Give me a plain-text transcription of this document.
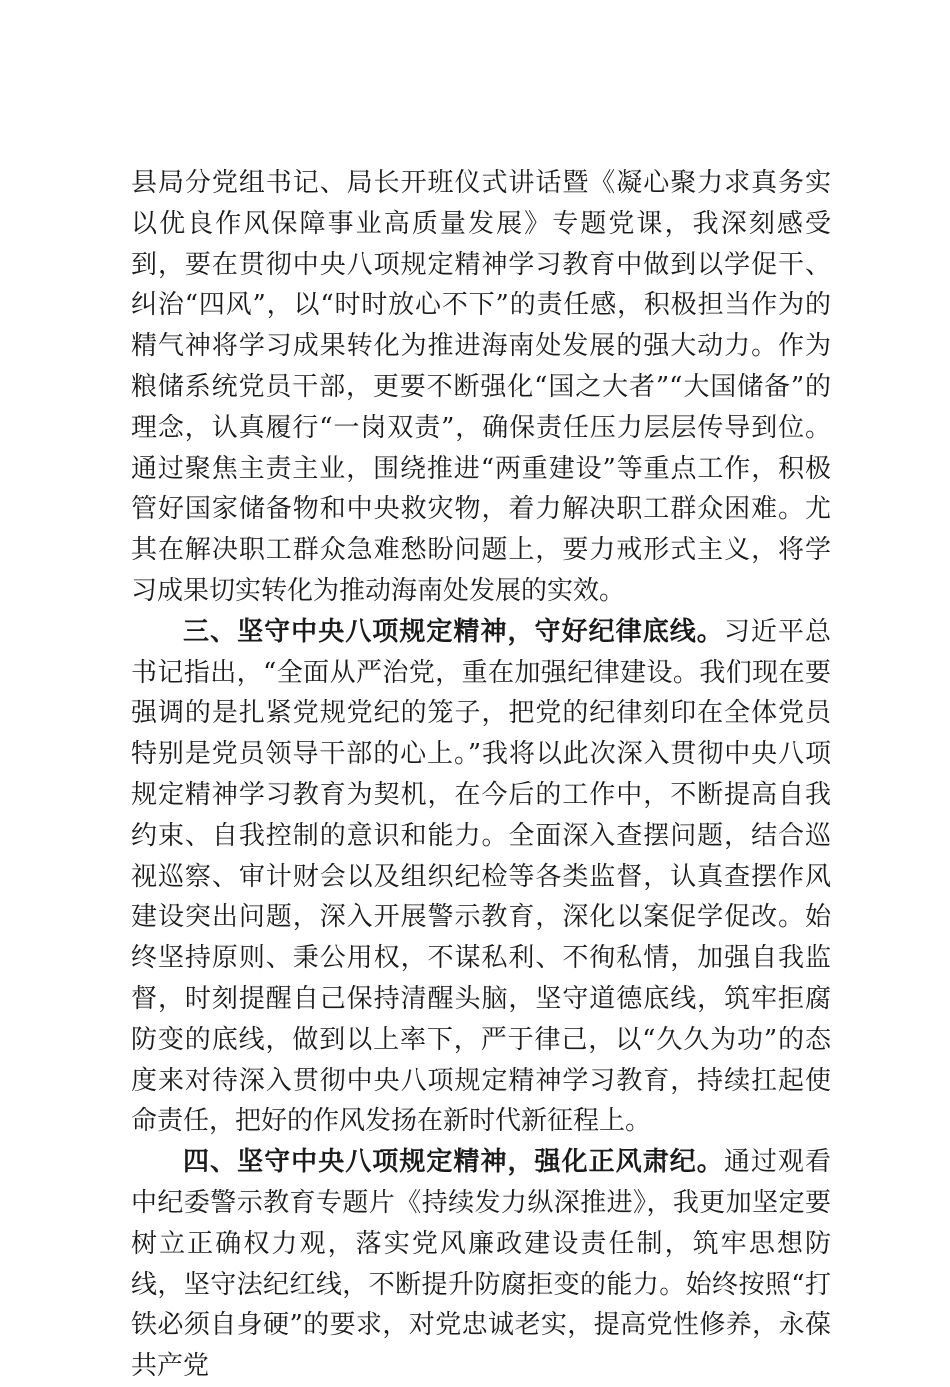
县局分党组书记、局长开班仪式讲话暨《凝心聚力求真务实以优良作风保障事业高质量发展》专题党课，我深刻感受到，要在贯彻中央八项规定精神学习教育中做到以学促干、纠治“四风”，以“时时放心不下”的责任感，积极担当作为的精气神将学习成果转化为推进海南处发展的强大动力。作为粮储系统党员干部，更要不断强化“国之大者”“大国储备”的理念，认真履行“一岗双责”，确保责任压力层层传导到位。通过聚焦主责主业，围绕推进“两重建设”等重点工作，积极管好国家储备物和中央救灾物，着力解决职工群众困难。尤其在解决职工群众急难愁盼问题上，要力戒形式主义，将学习成果切实转化为推动海南处发展的实效。

三、坚守中央八项规定精神，守好纪律底线。习近平总书记指出，“全面从严治党，重在加强纪律建设。我们现在要强调的是扎紧党规党纪的笼子，把党的纪律刻印在全体党员特别是党员领导干部的心上。”我将以此次深入贯彻中央八项规定精神学习教育为契机，在今后的工作中，不断提高自我约束、自我控制的意识和能力。全面深入查摆问题，结合巡视巡察、审计财会以及组织纪检等各类监督，认真查摆作风建设突出问题，深入开展警示教育，深化以案促学促改。始终坚持原则、秉公用权，不谋私利、不徇私情，加强自我监督，时刻提醒自己保持清醒头脑，坚守道德底线，筑牢拒腐防变的底线，做到以上率下，严于律己，以“久久为功”的态度来对待深入贯彻中央八项规定精神学习教育，持续扛起使命责任，把好的作风发扬在新时代新征程上。

四、坚守中央八项规定精神，强化正风肃纪。通过观看中纪委警示教育专题片《持续发力纵深推进》，我更加坚定要树立正确权力观，落实党风廉政建设责任制，筑牢思想防线，坚守法纪红线，不断提升防腐拒变的能力。始终按照“打铁必须自身硬”的要求，对党忠诚老实，提高党性修养，永葆共产党
